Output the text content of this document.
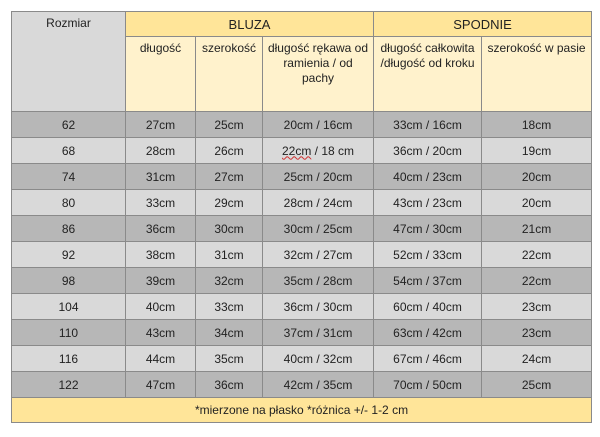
Rozmiar	BLUZA			SPODNIE	
	długość	szerokość	długość rękawa od ramienia / od pachy	długość całkowita /długość od kroku	szerokość w pasie
62	27cm	25cm	20cm / 16cm	33cm / 16cm	18cm
68	28cm	26cm	22cm / 18 cm	36cm / 20cm	19cm
74	31cm	27cm	25cm / 20cm	40cm / 23cm	20cm
80	33cm	29cm	28cm / 24cm	43cm / 23cm	20cm
86	36cm	30cm	30cm / 25cm	47cm / 30cm	21cm
92	38cm	31cm	32cm / 27cm	52cm / 33cm	22cm
98	39cm	32cm	35cm / 28cm	54cm / 37cm	22cm
104	40cm	33cm	36cm / 30cm	60cm / 40cm	23cm
110	43cm	34cm	37cm / 31cm	63cm / 42cm	23cm
116	44cm	35cm	40cm / 32cm	67cm / 46cm	24cm
122	47cm	36cm	42cm / 35cm	70cm / 50cm	25cm
*mierzone na płasko *różnica +/- 1-2 cm					
